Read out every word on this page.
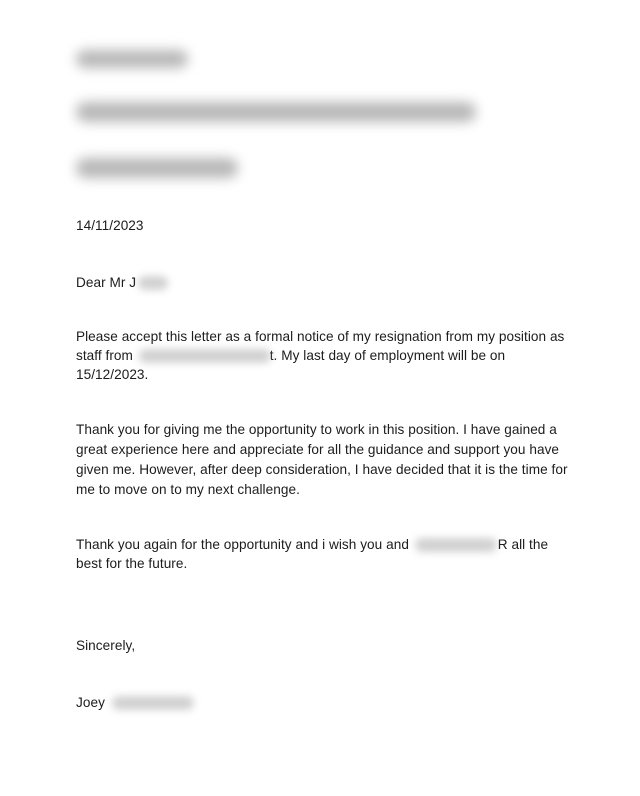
14/11/2023
Dear Mr J
Please accept this letter as a formal notice of my resignation from my position as
staff from	t. My last day of employment will be on
15/12/2023.
Thank you for giving me the opportunity to work in this position. I have gained a
great experience here and appreciate for all the guidance and support you have
given me. However, after deep consideration, I have decided that it is the time for
me to move on to my next challenge.
Thank you again for the opportunity and i wish you and	R all the
best for the future.
Sincerely,
Joey
